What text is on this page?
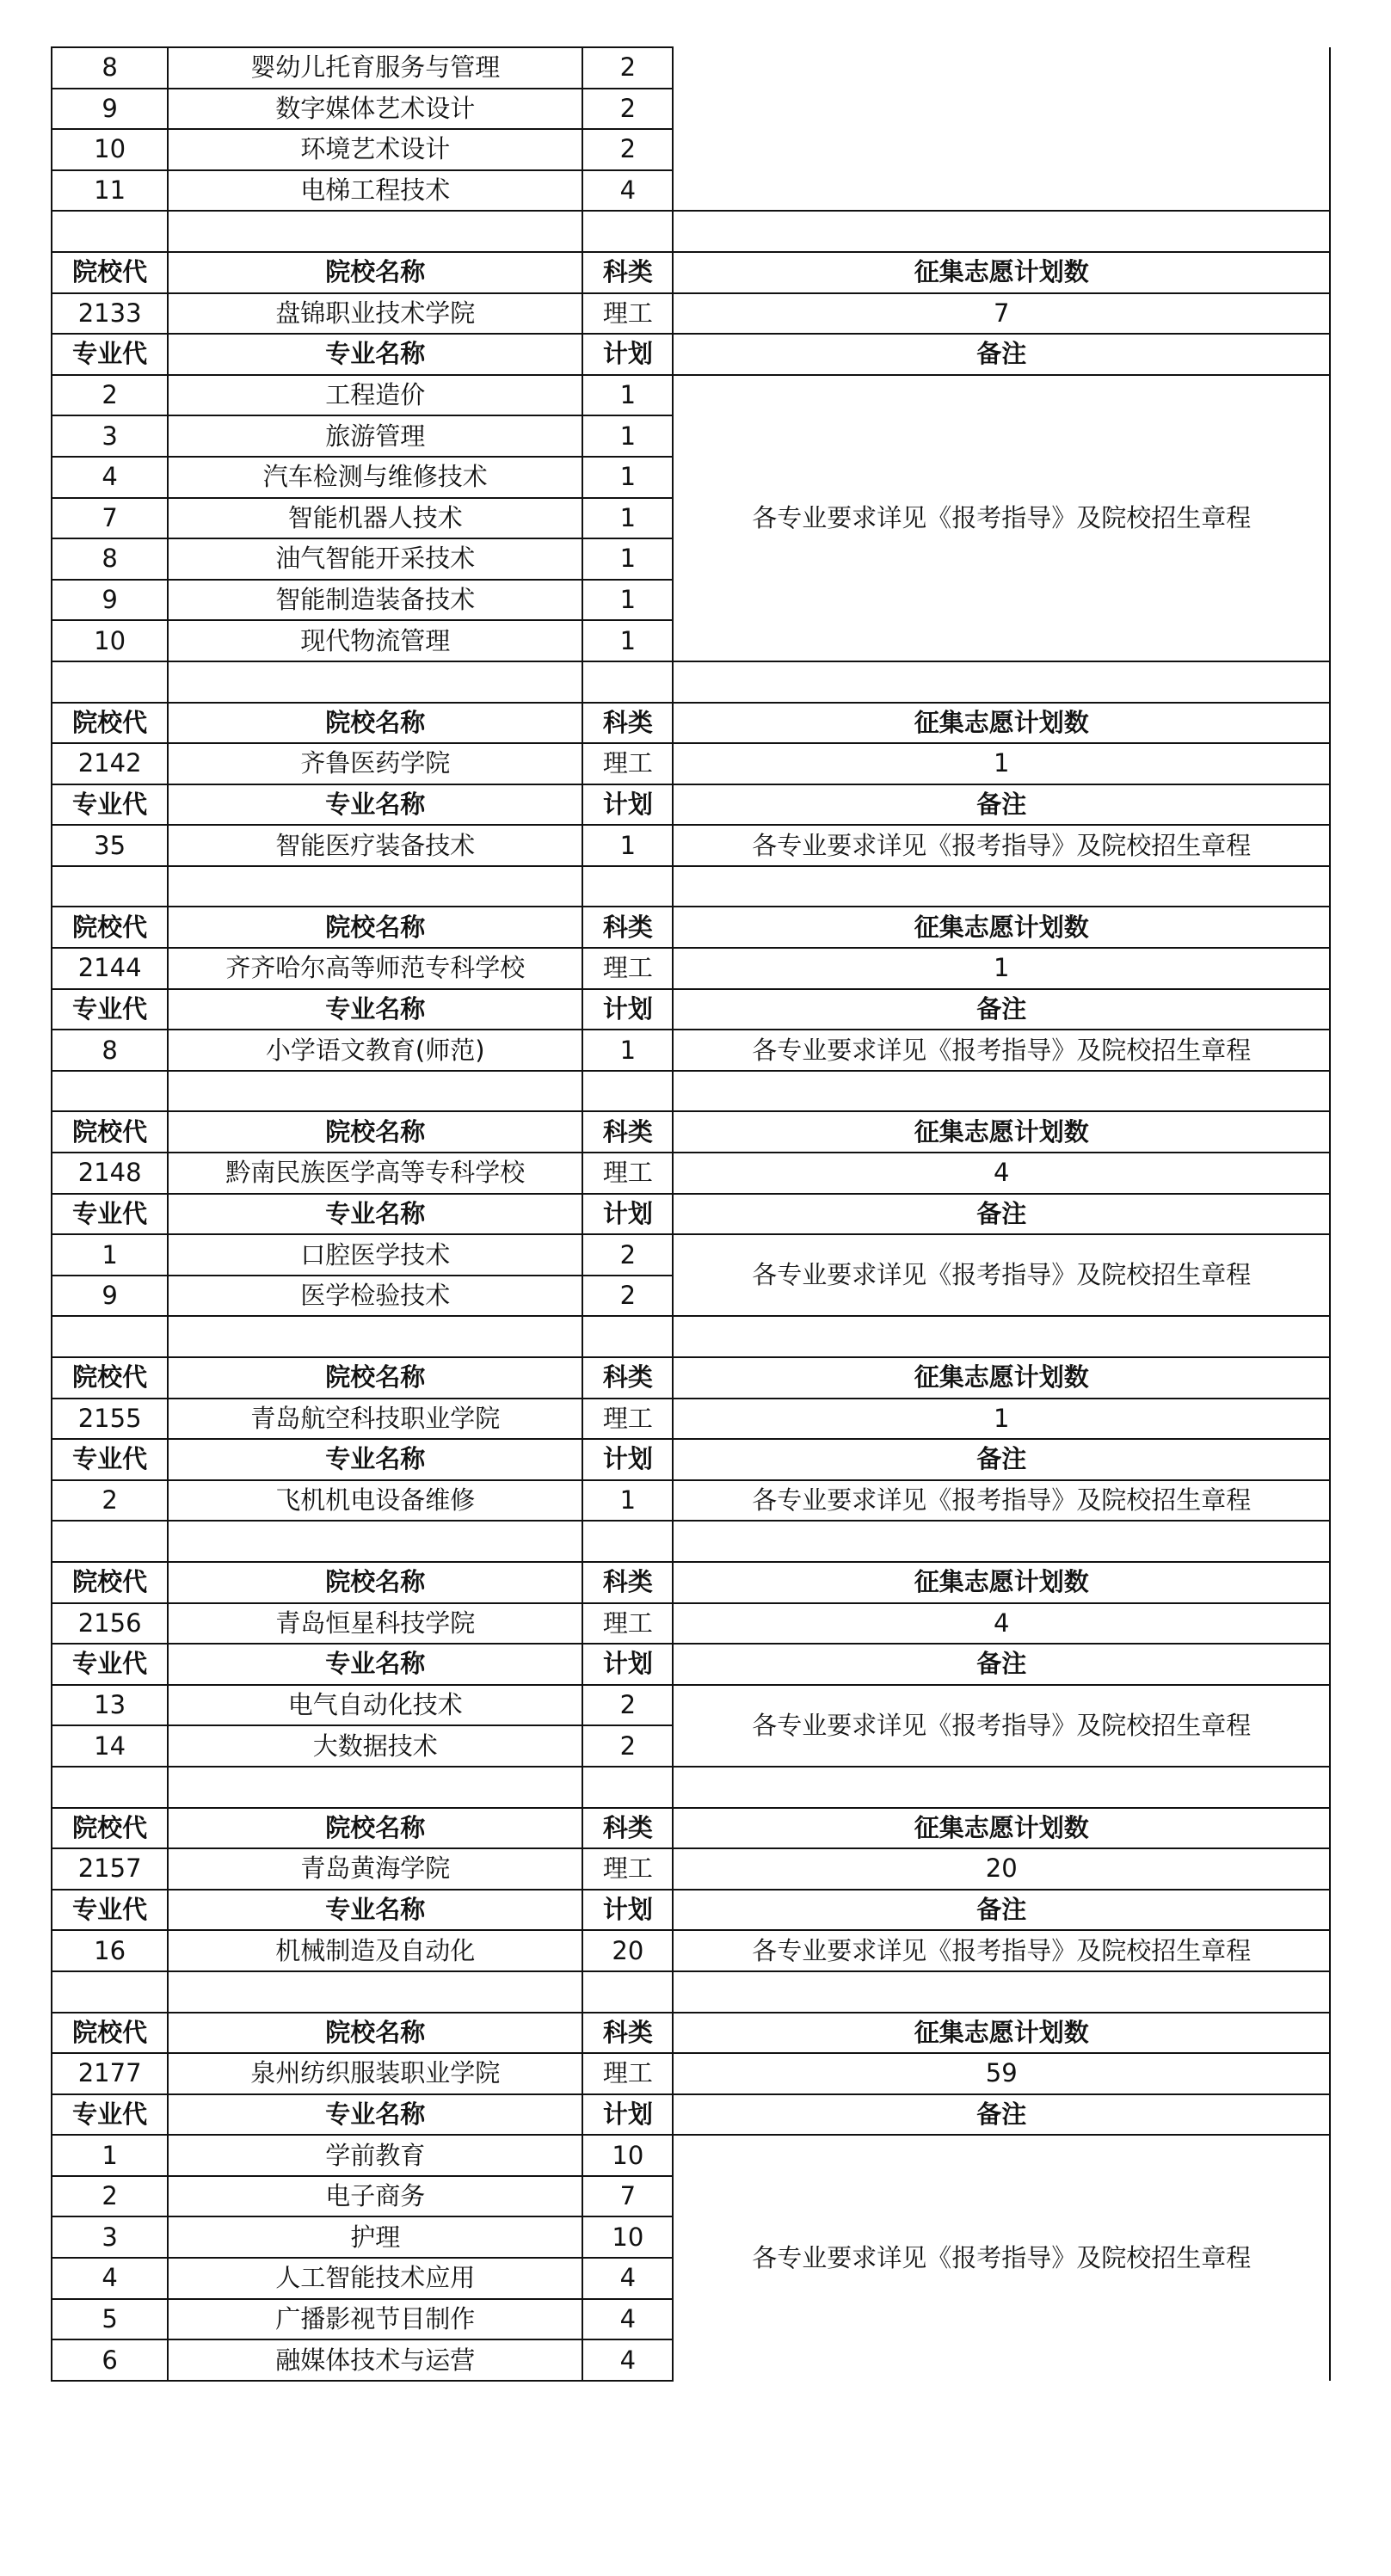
8	婴幼儿托育服务与管理	2	
9	数字媒体艺术设计	2	
10	环境艺术设计	2	
11	电梯工程技术	4	

院校代	院校名称	科类	征集志愿计划数
2133	盘锦职业技术学院	理工	7
专业代	专业名称	计划	备注
2	工程造价	1	各专业要求详见《报考指导》及院校招生章程
3	旅游管理	1	
4	汽车检测与维修技术	1	
7	智能机器人技术	1	
8	油气智能开采技术	1	
9	智能制造装备技术	1	
10	现代物流管理	1	

院校代	院校名称	科类	征集志愿计划数
2142	齐鲁医药学院	理工	1
专业代	专业名称	计划	备注
35	智能医疗装备技术	1	各专业要求详见《报考指导》及院校招生章程

院校代	院校名称	科类	征集志愿计划数
2144	齐齐哈尔高等师范专科学校	理工	1
专业代	专业名称	计划	备注
8	小学语文教育(师范)	1	各专业要求详见《报考指导》及院校招生章程

院校代	院校名称	科类	征集志愿计划数
2148	黔南民族医学高等专科学校	理工	4
专业代	专业名称	计划	备注
1	口腔医学技术	2	各专业要求详见《报考指导》及院校招生章程
9	医学检验技术	2	

院校代	院校名称	科类	征集志愿计划数
2155	青岛航空科技职业学院	理工	1
专业代	专业名称	计划	备注
2	飞机机电设备维修	1	各专业要求详见《报考指导》及院校招生章程

院校代	院校名称	科类	征集志愿计划数
2156	青岛恒星科技学院	理工	4
专业代	专业名称	计划	备注
13	电气自动化技术	2	各专业要求详见《报考指导》及院校招生章程
14	大数据技术	2	

院校代	院校名称	科类	征集志愿计划数
2157	青岛黄海学院	理工	20
专业代	专业名称	计划	备注
16	机械制造及自动化	20	各专业要求详见《报考指导》及院校招生章程

院校代	院校名称	科类	征集志愿计划数
2177	泉州纺织服装职业学院	理工	59
专业代	专业名称	计划	备注
1	学前教育	10	各专业要求详见《报考指导》及院校招生章程
2	电子商务	7	
3	护理	10	
4	人工智能技术应用	4	
5	广播影视节目制作	4	
6	融媒体技术与运营	4	
